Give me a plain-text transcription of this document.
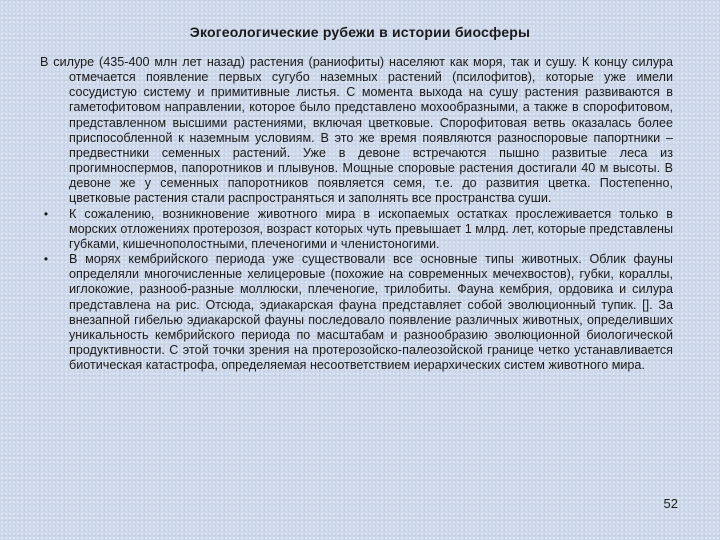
Экогеологические рубежи в истории биосферы

В силуре (435-400 млн лет назад) растения (раниофиты) населяют как моря, так и сушу. К концу силура отмечается появление первых сугубо наземных растений (псилофитов), которые уже имели сосудистую систему и примитивные листья. С момента выхода на сушу растения развиваются в гаметофитовом направлении, которое было представлено мохообразными, а также в спорофитовом, представленном высшими растениями, включая цветковые. Спорофитовая ветвь оказалась более приспособленной к наземным условиям. В это же время появляются разноспоровые папортники – предвестники семенных растений. Уже в девоне встречаются пышно развитые леса из прогимноспермов, папоротников и плывунов. Мощные споровые растения достигали 40 м высоты. В девоне же у семенных папоротников появляется семя, т.е. до развития цветка. Постепенно, цветковые растения стали распространяться и заполнять все пространства суши.

•	К сожалению, возникновение животного мира в ископаемых остатках прослеживается только в морских отложениях протерозоя, возраст которых чуть превышает 1 млрд. лет, которые представлены губками, кишечнополостными, плеченогими и членистоногими.
•	В морях кембрийского периода уже существовали все основные типы животных. Облик фауны определяли многочисленные хелицеровые (похожие на современных мечехвостов), губки, кораллы, иглокожие, разнооб-разные моллюски, плеченогие, трилобиты. Фауна кембрия, ордовика и силура представлена на рис. Отсюда, эдиакарская фауна представляет собой эволюционный тупик. []. За внезапной гибелью эдиакарской фауны последовало появление различных животных, определивших уникальность кембрийского периода по масштабам и разнообразию эволюционной биологической продуктивности. С этой точки зрения на протерозойско-палеозойской границе четко устанавливается биотическая катастрофа, определяемая несоответствием иерархических систем животного мира.
52
